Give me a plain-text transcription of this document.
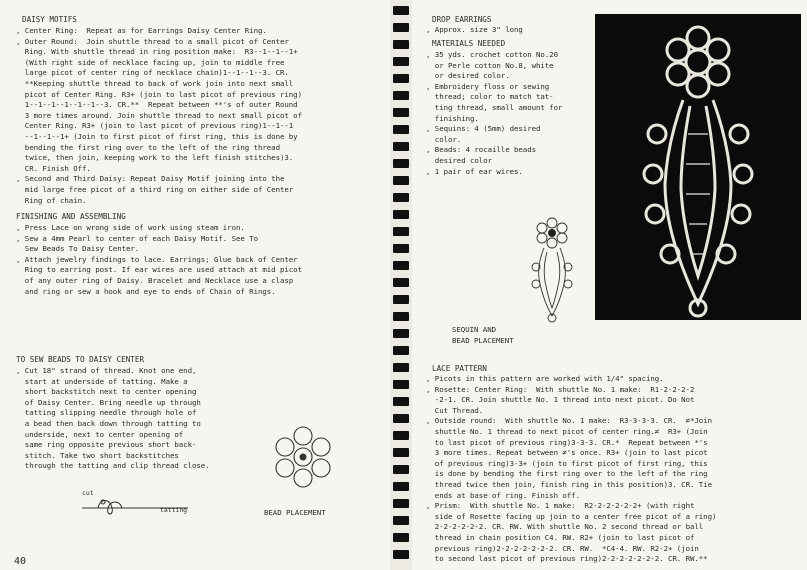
DAISY MOTIFS
, Center Ring:  Repeat as for Earrings Daisy Center Ring.
, Outer Round:  Join shuttle thread to a small picot of Center
Ring. With shuttle thread in ring position make:  R3--1--1--1+
(With right side of necklace facing up, join to middle free
large picot of center ring of necklace chain)1--1--1--3. CR.
**Keeping shuttle thread to back of work join into next small
picot of Center Ring. R3+ (join to last picot of previous ring)
1--1--1--1--1--1--3. CR.**  Repeat between **'s of outer Round
3 more times around. Join shuttle thread to next small picot of
Center Ring. R3+ (join to last picot of previous ring)1--1--1
--1--1--1+ (Join to first picot of first ring, this is done by
bending the first ring over to the left of the ring thread
twice, then join, keeping work to the left finish stitches)3.
CR. Finish Off.
, Second and Third Daisy: Repeat Daisy Motif joining into the
mid large free picot of a third ring on either side of Center
Ring of chain.
FINISHING AND ASSEMBLING
, Press Lace on wrong side of work using steam iron.
, Sew a 4mm Pearl to center of each Daisy Motif. See To
Sew Beads To Daisy Center.
, Attach jewelry findings to lace. Earrings; Glue back of Center
Ring to earring post. If ear wires are used attach at mid picot
of any outer ring of Daisy. Bracelet and Necklace use a clasp
and ring or sew a hook and eye to ends of Chain of Rings.
TO SEW BEADS TO DAISY CENTER
, Cut 18" strand of thread. Knot one end,
start at underside of tatting. Make a
short backstitch next to center opening
of Daisy Center. Bring needle up through
tatting slipping needle through hole of
a bead then back down through tatting to
underside, next to center opening of
same ring opposite previous short back-
stitch. Take two short backstitches
through the tatting and clip thread close.
BEAD PLACEMENT
cut
tatting
40
DROP EARRINGS
, Approx. size 3" long
MATERIALS NEEDED
, 35 yds. crochet cotton No.20
or Perle cotton No.8, white
or desired color.
, Embroidery floss or sewing
thread; color to match tat-
ting thread, small amount for
finishing.
, Sequins: 4 (5mm) desired
color.
, Beads: 4 rocaille beads
desired color
, 1 pair of ear wires.
SEQUIN AND
BEAD PLACEMENT
LACE PATTERN
, Picots in this pattern are worked with 1/4" spacing.
, Rosette: Center Ring:  With shuttle No. 1 make:  R1-2-2-2-2
-2-1. CR. Join shuttle No. 1 thread into next picot. Do Not
Cut Thread.
, Outside round:  With shuttle No. 1 make:  R3-3-3-3. CR.  ≠*Join
shuttle No. 1 thread to next picot of center ring.≠  R3+ (Join
to last picot of previous ring)3-3-3. CR.*  Repeat between *'s
3 more times. Repeat between ≠'s once. R3+ (join to last picot
of previous ring)3-3+ (join to first picot of first ring, this
is done by bending the first ring over to the left of the ring
thread twice then join, finish ring in this position)3. CR. Tie
ends at base of ring. Finish off.
, Prism:  With shuttle No. 1 make:  R2-2-2-2-2-2+ (with right
side of Rosette facing up join to a center free picot of a ring)
2-2-2-2-2-2. CR. RW. With shuttle No. 2 second thread or ball
thread in chain position C4. RW. R2+ (join to last picot of
previous ring)2-2-2-2-2-2-2. CR. RW.  *C4-4. RW. R2-2+ (join
to second last picot of previous ring)2-2-2-2-2-2-2. CR. RW.**
